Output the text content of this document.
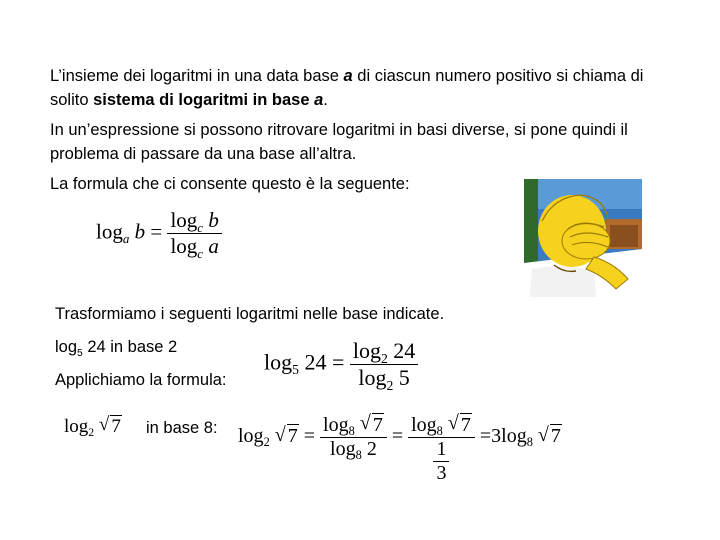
L’insieme dei logaritmi in una data base a di ciascun numero positivo si chiama di solito sistema di logaritmi in base a.
In un’espressione si possono ritrovare logaritmi in basi diverse, si pone quindi il problema di passare da una base all’altra.
La formula che ci consente questo è la seguente:
$\log_a b = \frac{\log_c b}{\log_c a}$
Trasformiamo i seguenti logaritmi nelle base indicate.
$\log_5 24$ in base 2
$\log_5 24 = \frac{\log_2 24}{\log_2 5}$
Applichiamo la formula:
$\log_2$ √ 7 in base 8:	$\log_2$ √ $7 = \frac{\log_8 √ 7}{\log_8 2} = \frac{\log_8 √ 7}{\frac{1}{3}} =3\log_8$ √ 7
